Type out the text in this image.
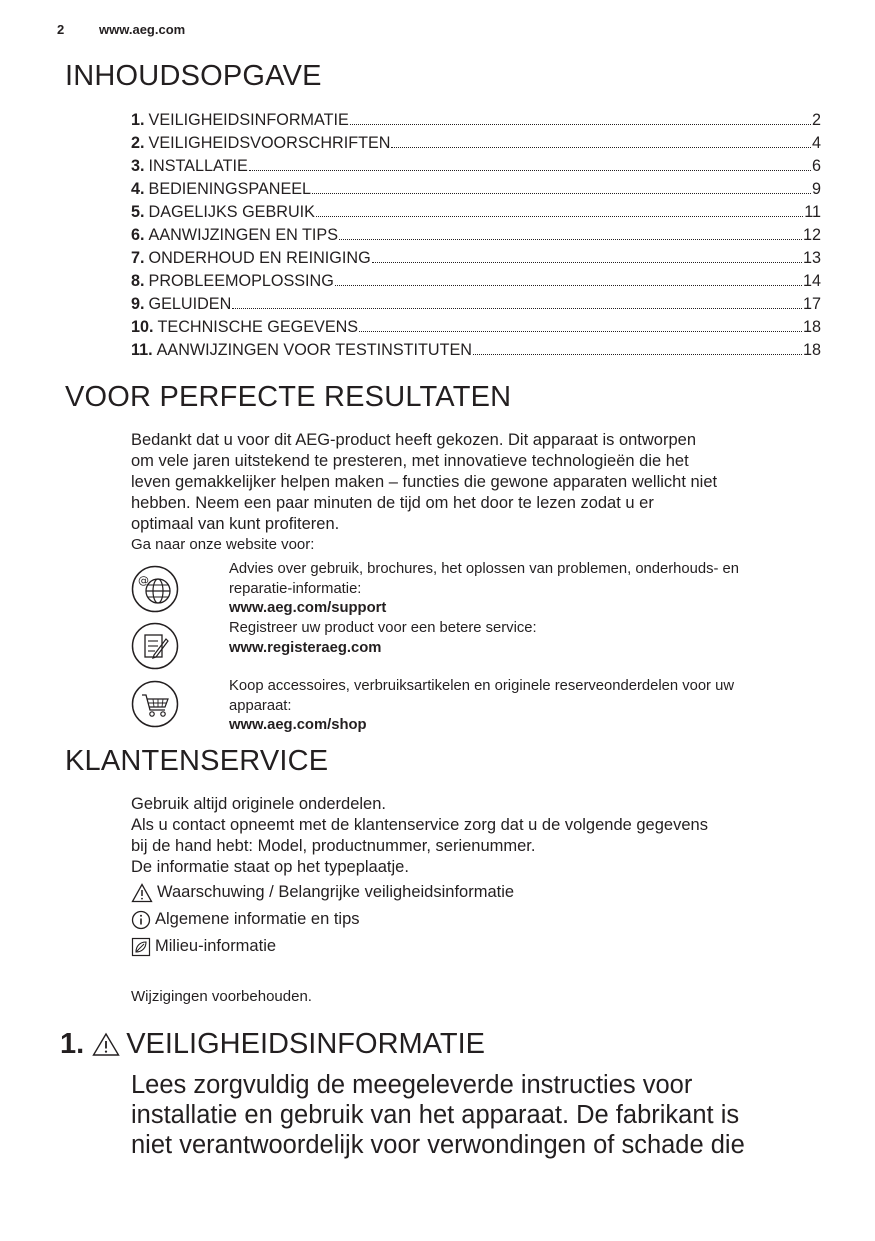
2	www.aeg.com
INHOUDSOPGAVE
1. VEILIGHEIDSINFORMATIE	2
2. VEILIGHEIDSVOORSCHRIFTEN	4
3. INSTALLATIE	6
4. BEDIENINGSPANEEL	9
5. DAGELIJKS GEBRUIK	11
6. AANWIJZINGEN EN TIPS	12
7. ONDERHOUD EN REINIGING	13
8. PROBLEEMOPLOSSING	14
9. GELUIDEN	17
10. TECHNISCHE GEGEVENS	18
11. AANWIJZINGEN VOOR TESTINSTITUTEN	18
VOOR PERFECTE RESULTATEN
Bedankt dat u voor dit AEG-product heeft gekozen. Dit apparaat is ontworpen
om vele jaren uitstekend te presteren, met innovatieve technologieën die het
leven gemakkelijker helpen maken – functies die gewone apparaten wellicht niet
hebben. Neem een paar minuten de tijd om het door te lezen zodat u er
optimaal van kunt profiteren.
Ga naar onze website voor:
@
Advies over gebruik, brochures, het oplossen van problemen, onderhouds- en
reparatie-informatie:
www.aeg.com/support
Registreer uw product voor een betere service:
www.registeraeg.com
Koop accessoires, verbruiksartikelen en originele reserveonderdelen voor uw
apparaat:
www.aeg.com/shop
KLANTENSERVICE
Gebruik altijd originele onderdelen.
Als u contact opneemt met de klantenservice zorg dat u de volgende gegevens
bij de hand hebt: Model, productnummer, serienummer.
De informatie staat op het typeplaatje.
Waarschuwing / Belangrijke veiligheidsinformatie
Algemene informatie en tips
Milieu-informatie
Wijzigingen voorbehouden.
1. VEILIGHEIDSINFORMATIE
Lees zorgvuldig de meegeleverde instructies voor
installatie en gebruik van het apparaat. De fabrikant is
niet verantwoordelijk voor verwondingen of schade die
